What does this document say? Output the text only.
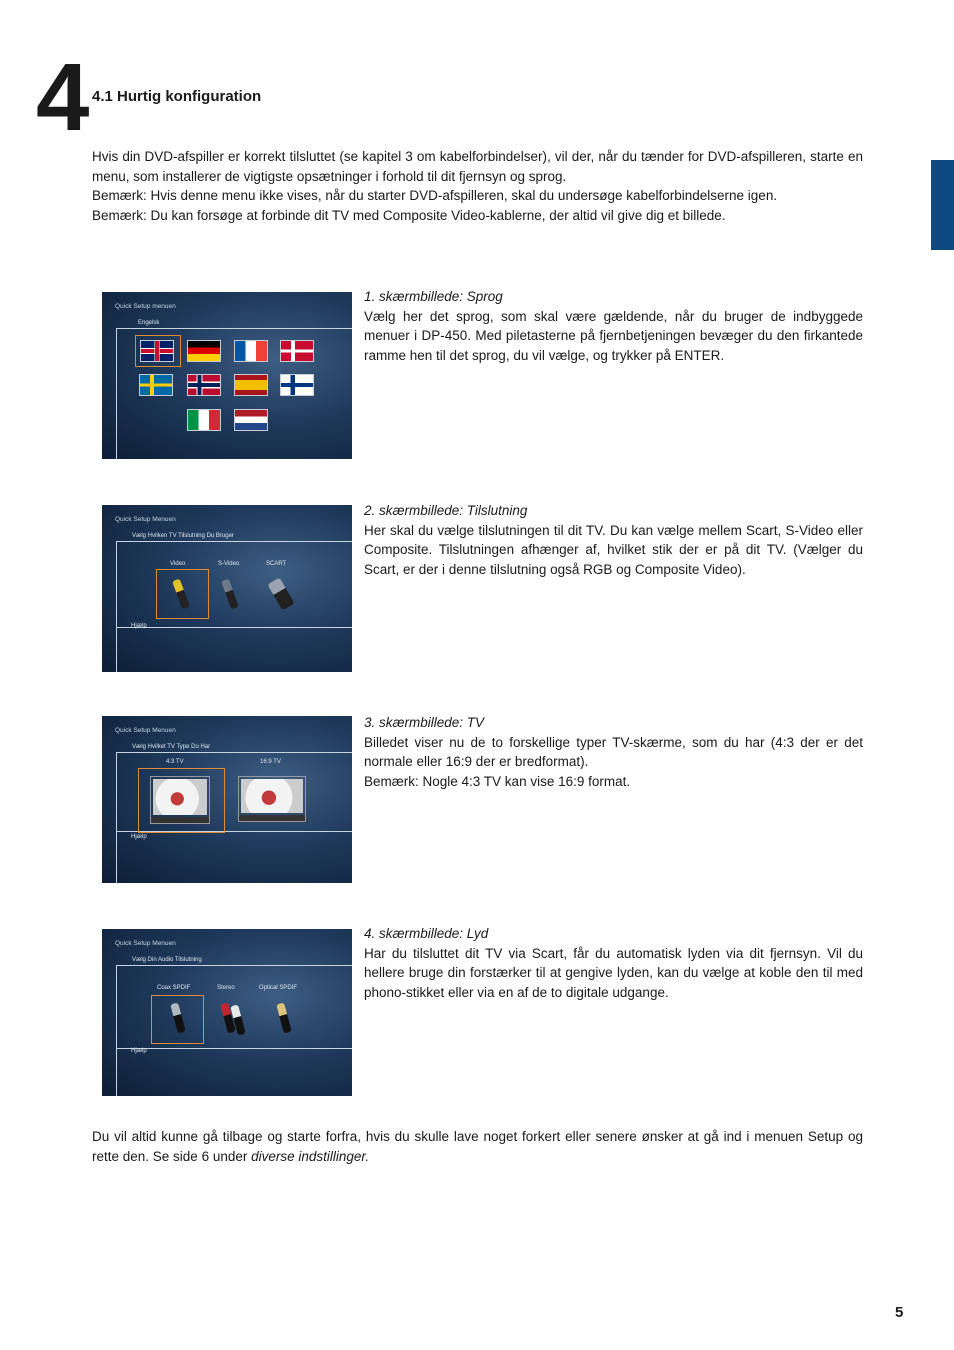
4 4.1 Hurtig konfiguration

Hvis din DVD-afspiller er korrekt tilsluttet (se kapitel 3 om kabelforbindelser), vil der, når du tænder for DVD-afspilleren, starte en menu, som installerer de vigtigste opsætninger i forhold til dit fjernsyn og sprog.

Bemærk: Hvis denne menu ikke vises, når du starter DVD-afspilleren, skal du undersøge kabelforbindelserne igen.

Bemærk: Du kan forsøge at forbinde dit TV med Composite Video-kablerne, der altid vil give dig et billede.

Quick Setup menuen
Engelsk
1. skærmbillede: Sprog
Vælg her det sprog, som skal være gældende, når du bruger de indbyggede menuer i DP-450. Med piletasterne på fjernbetjeningen bevæger du den firkantede ramme hen til det sprog, du vil vælge, og trykker på ENTER.
Quick Setup Menuen
Vælg Hvilken TV Tilslutning Du Bruger
Video	S-Video	SCART
Hjælp
2. skærmbillede: Tilslutning
Her skal du vælge tilslutningen til dit TV. Du kan vælge mellem Scart, S-Video eller Composite. Tilslutningen afhænger af, hvilket stik der er på dit TV. (Vælger du Scart, er der i denne tilslutning også RGB og Composite Video).
Quick Setup Menuen
Vælg Hvilket TV Type Du Har
4:3 TV	16:9 TV
Hjælp
3. skærmbillede: TV
Billedet viser nu de to forskellige typer TV-skærme, som du har (4:3 der er det normale eller 16:9 der er bredformat).
Bemærk: Nogle 4:3 TV kan vise 16:9 format.
Quick Setup Menuen
Vælg Din Audio Tilslutning
Coax SPDIF	Stereo	Optical SPDIF
Hjælp
4. skærmbillede: Lyd
Har du tilsluttet dit TV via Scart, får du automatisk lyden via dit fjernsyn. Vil du hellere bruge din forstærker til at gengive lyden, kan du vælge at koble den til med phono-stikket eller via en af de to digitale udgange.
Du vil altid kunne gå tilbage og starte forfra, hvis du skulle lave noget forkert eller senere ønsker at gå ind i menuen Setup og rette den. Se side 6 under diverse indstillinger.
5
